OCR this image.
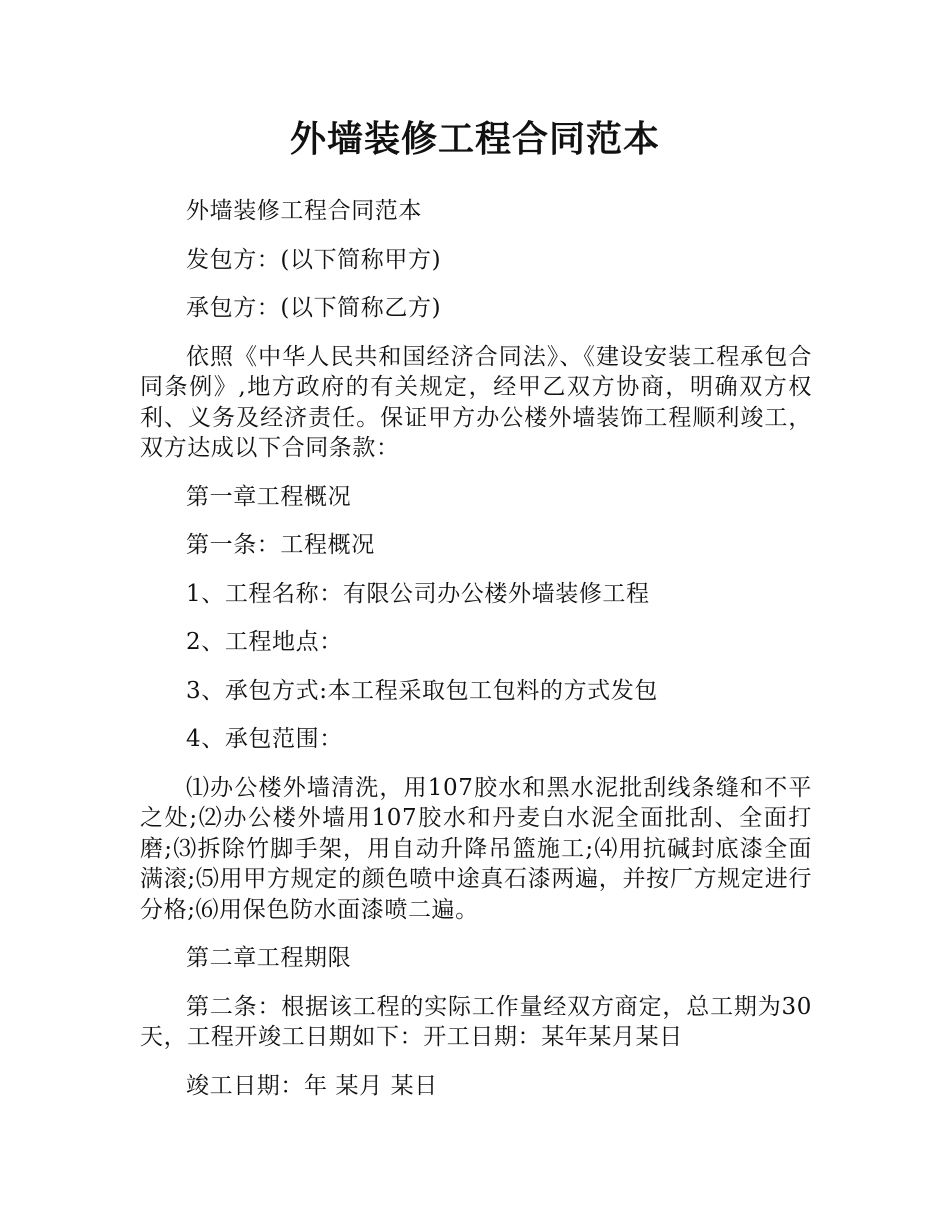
外墙装修工程合同范本

外墙装修工程合同范本

发包方：(以下简称甲方)

承包方：(以下简称乙方)

依照《中华人民共和国经济合同法》、《建设安装工程承包合同条例》,地方政府的有关规定，经甲乙双方协商，明确双方权利、义务及经济责任。保证甲方办公楼外墙装饰工程顺利竣工，双方达成以下合同条款：

第一章工程概况

第一条：工程概况

1、工程名称：有限公司办公楼外墙装修工程

2、工程地点：

3、承包方式:本工程采取包工包料的方式发包

4、承包范围：

⑴办公楼外墙清洗，用107胶水和黑水泥批刮线条缝和不平之处;⑵办公楼外墙用107胶水和丹麦白水泥全面批刮、全面打磨;⑶拆除竹脚手架，用自动升降吊篮施工;⑷用抗碱封底漆全面满滚;⑸用甲方规定的颜色喷中途真石漆两遍，并按厂方规定进行分格;⑹用保色防水面漆喷二遍。

第二章工程期限

第二条：根据该工程的实际工作量经双方商定，总工期为30天，工程开竣工日期如下：开工日期：某年某月某日

竣工日期：年 某月 某日
